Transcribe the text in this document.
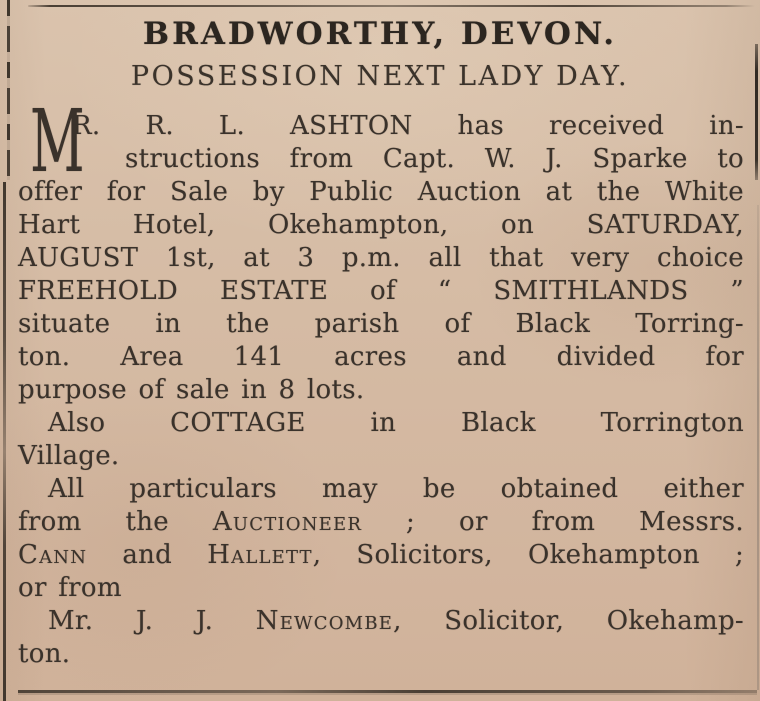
BRADWORTHY, DEVON.
POSSESSION NEXT LADY DAY.
M
R. R. L. ASHTON has received in-
structions from Capt. W. J. Sparke to
offer for Sale by Public Auction at the White
Hart Hotel, Okehampton, on SATURDAY,
AUGUST 1st, at 3 p.m. all that very choice
FREEHOLD ESTATE of “ SMITHLANDS ”
situate in the parish of Black Torring-
ton. Area 141 acres and divided for
purpose of sale in 8 lots.
Also COTTAGE in Black Torrington
Village.
All particulars may be obtained either
from the Auctioneer ; or from Messrs.
Cann and Hallett, Solicitors, Okehampton ;
or from
Mr. J. J. Newcombe, Solicitor, Okehamp-
ton.
